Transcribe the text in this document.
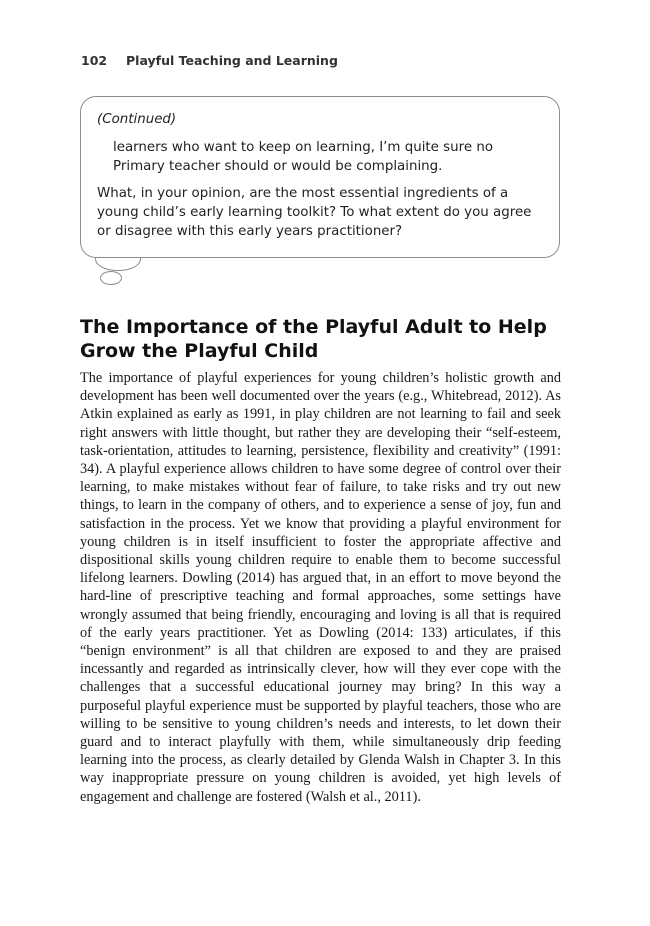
102 Playful Teaching and Learning
(Continued)

learners who want to keep on learning, I’m quite sure no Primary teacher should or would be complaining.

What, in your opinion, are the most essential ingredients of a young child’s early learning toolkit? To what extent do you agree or disagree with this early years practitioner?

The Importance of the Playful Adult to Help Grow the Playful Child

The importance of playful experiences for young children’s holistic growth and development has been well documented over the years (e.g., Whitebread, 2012). As Atkin explained as early as 1991, in play children are not learning to fail and seek right answers with little thought, but rather they are developing their “self-esteem, task-orientation, attitudes to learning, persistence, flexibility and creativity” (1991: 34). A playful experience allows children to have some degree of control over their learning, to make mistakes without fear of failure, to take risks and try out new things, to learn in the company of others, and to experience a sense of joy, fun and satisfaction in the process. Yet we know that providing a playful environment for young children is in itself insufficient to foster the appropriate affective and dispositional skills young children require to enable them to become successful lifelong learners. Dowling (2014) has argued that, in an effort to move beyond the hard-line of prescriptive teaching and formal approaches, some settings have wrongly assumed that being friendly, encouraging and loving is all that is required of the early years practitioner. Yet as Dowling (2014: 133) articulates, if this “benign environment” is all that children are exposed to and they are praised incessantly and regarded as intrinsically clever, how will they ever cope with the challenges that a successful educational journey may bring? In this way a purposeful playful experience must be supported by playful teachers, those who are willing to be sensitive to young children’s needs and interests, to let down their guard and to interact playfully with them, while simultaneously drip feeding learning into the process, as clearly detailed by Glenda Walsh in Chapter 3. In this way inappropriate pressure on young children is avoided, yet high levels of engagement and challenge are fostered (Walsh et al., 2011).
